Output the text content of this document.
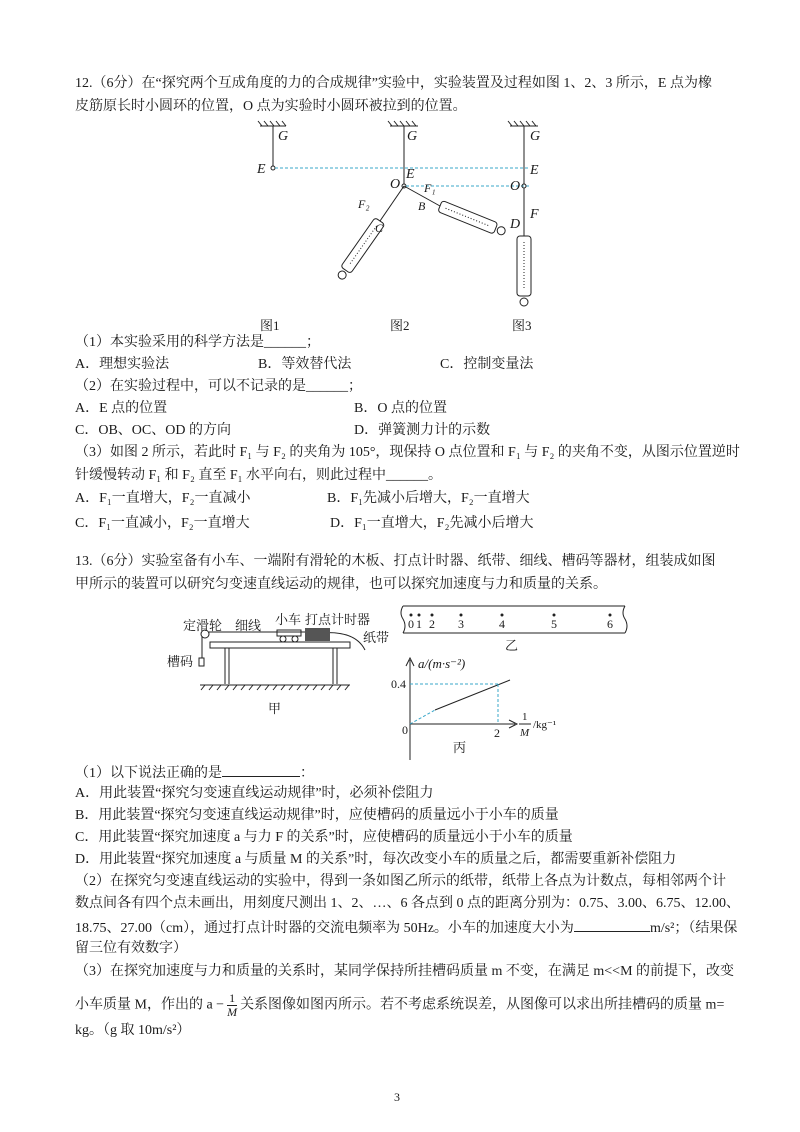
12.（6分）在“探究两个互成角度的力的合成规律”实验中，实验装置及过程如图 1、2、3 所示，E 点为橡
皮筋原长时小圆环的位置，O 点为实验时小圆环被拉到的位置。
G
E
G
E
O F₁
B
F₂
C
G
E
O
D
F
图1	图2	图3
（1）本实验采用的科学方法是______；
A．理想实验法	B．等效替代法	C．控制变量法
（2）在实验过程中，可以不记录的是______；
A．E 点的位置	B．O 点的位置
C．OB、OC、OD 的方向	D．弹簧测力计的示数
（3）如图 2 所示，若此时 F₁ 与 F₂ 的夹角为 105°，现保持 O 点位置和 F₁ 与 F₂ 的夹角不变，从图示位置逆时
针缓慢转动 F₁ 和 F₂ 直至 F₁ 水平向右，则此过程中______。
A．F₁一直增大，F₂一直减小	B．F₁先减小后增大，F₂一直增大
C．F₁一直减小，F₂一直增大	D．F₁一直增大，F₂先减小后增大
13.（6分）实验室备有小车、一端附有滑轮的木板、打点计时器、纸带、细线、槽码等器材，组装成如图
甲所示的装置可以研究匀变速直线运动的规律，也可以探究加速度与力和质量的关系。
0 1 2 3	4	5	6
定滑轮 细线 小车 打点计时器
纸带
槽码
甲
乙
a/(m·s⁻²)
0.4
0	2
1
M
/kg⁻¹
丙
（1）以下说法正确的是	：
A．用此装置“探究匀变速直线运动规律”时，必须补偿阻力
B．用此装置“探究匀变速直线运动规律”时，应使槽码的质量远小于小车的质量
C．用此装置“探究加速度 a 与力 F 的关系”时，应使槽码的质量远小于小车的质量
D．用此装置“探究加速度 a 与质量 M 的关系”时，每次改变小车的质量之后，都需要重新补偿阻力
（2）在探究匀变速直线运动的实验中，得到一条如图乙所示的纸带，纸带上各点为计数点，每相邻两个计
数点间各有四个点未画出，用刻度尺测出 1、2、…、6 各点到 0 点的距离分别为：0.75、3.00、6.75、12.00、
18.75、27.00（cm），通过打点计时器的交流电频率为 50Hz。小车的加速度大小为	m/s²；（结果保
留三位有效数字）
（3）在探究加速度与力和质量的关系时，某同学保持所挂槽码质量 m 不变，在满足 m<<M 的前提下，改变
小车质量 M，作出的 $a - \frac{1}{M}$ 关系图像如图丙所示。若不考虑系统误差，从图像可以求出所挂槽码的质量 m=
kg。（g 取 10m/s²）
3
